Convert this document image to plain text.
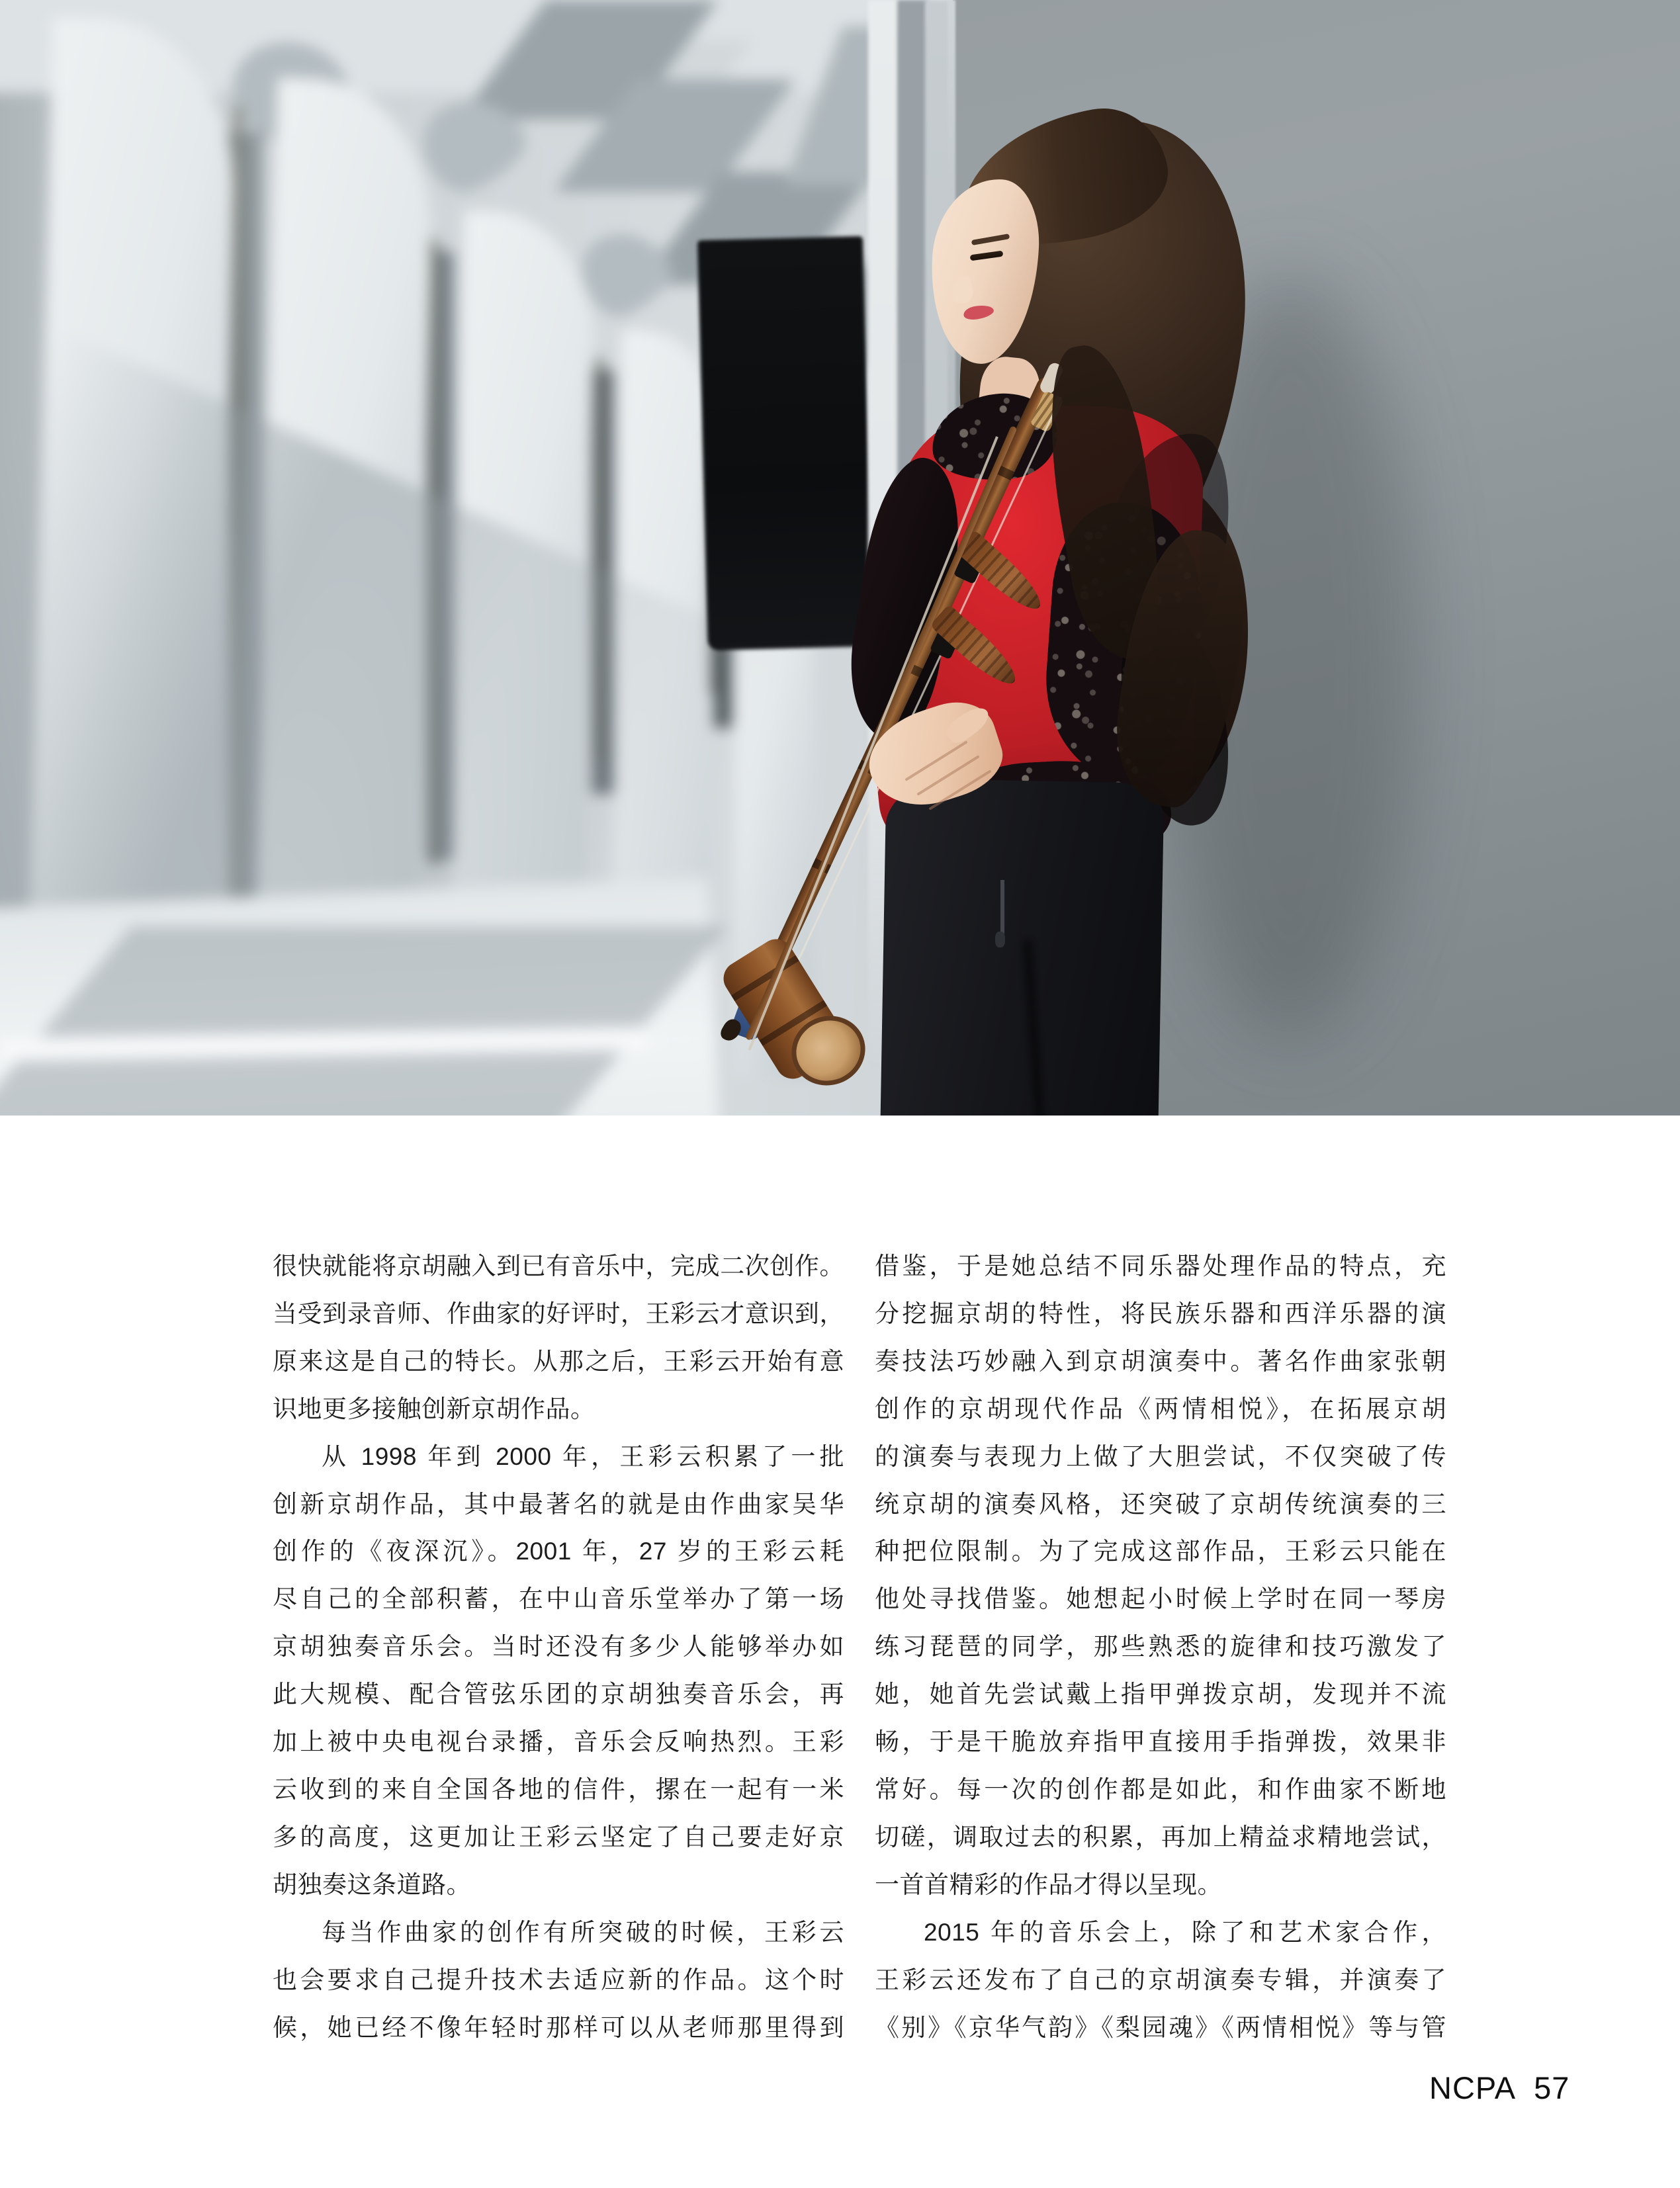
很快就能将京胡融入到已有音乐中，完成二次创作。

当受到录音师、作曲家的好评时，王彩云才意识到，

原来这是自己的特长。从那之后，王彩云开始有意

识地更多接触创新京胡作品。

从 1998 年到 2000 年，王彩云积累了一批

创新京胡作品，其中最著名的就是由作曲家吴华

创作的《夜深沉》。2001 年，27 岁的王彩云耗

尽自己的全部积蓄，在中山音乐堂举办了第一场

京胡独奏音乐会。当时还没有多少人能够举办如

此大规模、配合管弦乐团的京胡独奏音乐会，再

加上被中央电视台录播，音乐会反响热烈。王彩

云收到的来自全国各地的信件，摞在一起有一米

多的高度，这更加让王彩云坚定了自己要走好京

胡独奏这条道路。

每当作曲家的创作有所突破的时候，王彩云

也会要求自己提升技术去适应新的作品。这个时

候，她已经不像年轻时那样可以从老师那里得到

借鉴，于是她总结不同乐器处理作品的特点，充

分挖掘京胡的特性，将民族乐器和西洋乐器的演

奏技法巧妙融入到京胡演奏中。著名作曲家张朝

创作的京胡现代作品《两情相悦》，在拓展京胡

的演奏与表现力上做了大胆尝试，不仅突破了传

统京胡的演奏风格，还突破了京胡传统演奏的三

种把位限制。为了完成这部作品，王彩云只能在

他处寻找借鉴。她想起小时候上学时在同一琴房

练习琵琶的同学，那些熟悉的旋律和技巧激发了

她，她首先尝试戴上指甲弹拨京胡，发现并不流

畅，于是干脆放弃指甲直接用手指弹拨，效果非

常好。每一次的创作都是如此，和作曲家不断地

切磋，调取过去的积累，再加上精益求精地尝试，

一首首精彩的作品才得以呈现。

2015 年的音乐会上，除了和艺术家合作，

王彩云还发布了自己的京胡演奏专辑，并演奏了

《别》《京华气韵》《梨园魂》《两情相悦》等与管

NCPA 57
